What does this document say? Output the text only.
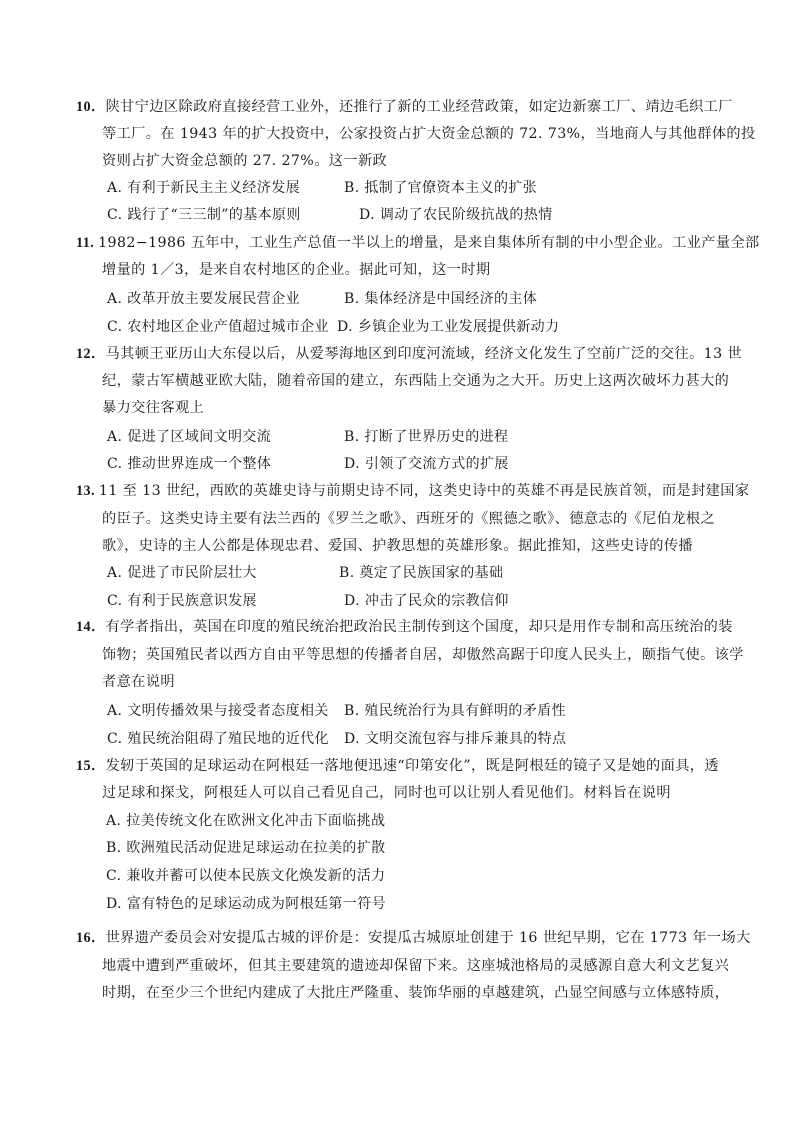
10．陕甘宁边区除政府直接经营工业外，还推行了新的工业经营政策，如定边新寨工厂、靖边毛织工厂
等工厂。在 1943 年的扩大投资中，公家投资占扩大资金总额的 72. 73%，当地商人与其他群体的投
资则占扩大资金总额的 27. 27%。这一新政
A. 有利于新民主主义经济发展	B. 抵制了官僚资本主义的扩张
C. 践行了“三三制”的基本原则	D. 调动了农民阶级抗战的热情
11. 1982−1986 五年中，工业生产总值一半以上的增量，是来自集体所有制的中小型企业。工业产量全部
增量的 1／3，是来自农村地区的企业。据此可知，这一时期
A. 改革开放主要发展民营企业	B. 集体经济是中国经济的主体
C. 农村地区企业产值超过城市企业 D. 乡镇企业为工业发展提供新动力
12．马其顿王亚历山大东侵以后，从爱琴海地区到印度河流域，经济文化发生了空前广泛的交往。13 世
纪，蒙古军横越亚欧大陆，随着帝国的建立，东西陆上交通为之大开。历史上这两次破坏力甚大的
暴力交往客观上
A. 促进了区域间文明交流	B. 打断了世界历史的进程
C. 推动世界连成一个整体	D. 引领了交流方式的扩展
13. 11 至 13 世纪，西欧的英雄史诗与前期史诗不同，这类史诗中的英雄不再是民族首领，而是封建国家
的臣子。这类史诗主要有法兰西的《罗兰之歌》、西班牙的《熙德之歌》、德意志的《尼伯龙根之
歌》，史诗的主人公都是体现忠君、爱国、护教思想的英雄形象。据此推知，这些史诗的传播
A. 促进了市民阶层壮大	B. 奠定了民族国家的基础
C. 有利于民族意识发展	D. 冲击了民众的宗教信仰
14．有学者指出，英国在印度的殖民统治把政治民主制传到这个国度，却只是用作专制和高压统治的装
饰物；英国殖民者以西方自由平等思想的传播者自居，却傲然高踞于印度人民头上，颐指气使。该学
者意在说明
A. 文明传播效果与接受者态度相关 B. 殖民统治行为具有鲜明的矛盾性
C. 殖民统治阻碍了殖民地的近代化 D. 文明交流包容与排斥兼具的特点
15．发轫于英国的足球运动在阿根廷一落地便迅速“印第安化”，既是阿根廷的镜子又是她的面具，透
过足球和探戈，阿根廷人可以自己看见自己，同时也可以让别人看见他们。材料旨在说明
A. 拉美传统文化在欧洲文化冲击下面临挑战
B. 欧洲殖民活动促进足球运动在拉美的扩散
C. 兼收并蓄可以使本民族文化焕发新的活力
D. 富有特色的足球运动成为阿根廷第一符号
16．世界遗产委员会对安提瓜古城的评价是：安提瓜古城原址创建于 16 世纪早期，它在 1773 年一场大
地震中遭到严重破坏，但其主要建筑的遗迹却保留下来。这座城池格局的灵感源自意大利文艺复兴
时期，在至少三个世纪内建成了大批庄严隆重、装饰华丽的卓越建筑，凸显空间感与立体感特质，
